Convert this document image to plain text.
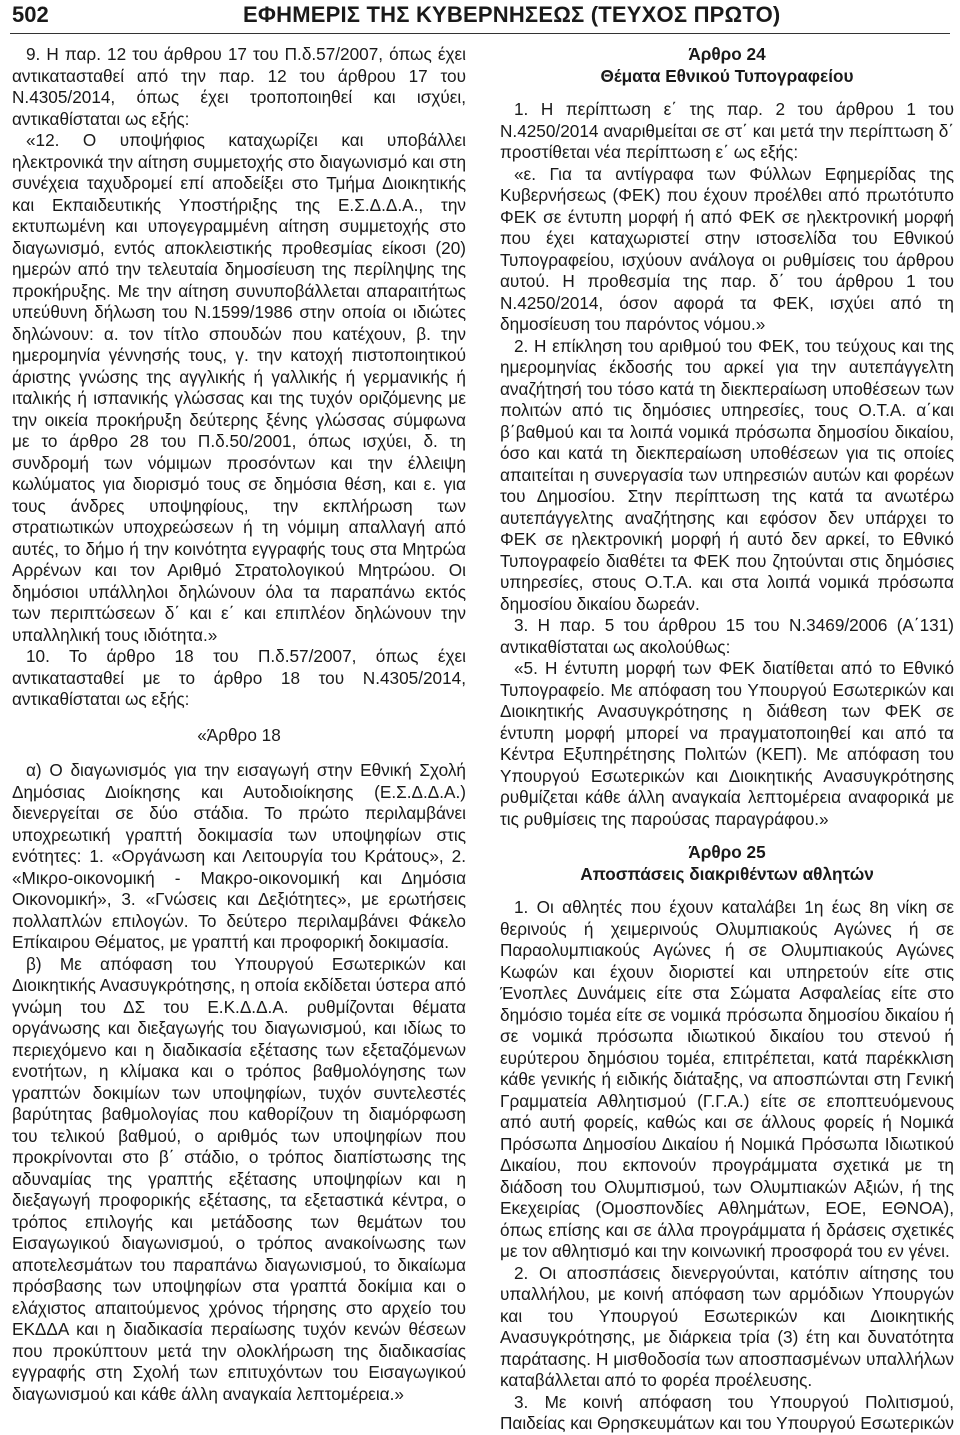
502	ΕΦΗΜΕΡΙΣ ΤΗΣ ΚΥΒΕΡΝΗΣΕΩΣ (ΤΕΥΧΟΣ ΠΡΩΤΟ)

9. Η παρ. 12 του άρθρου 17 του Π.δ.57/2007, όπως έχει αντικατασταθεί από την παρ. 12 του άρθρου 17 του Ν.4305/2014, όπως έχει τροποποιηθεί και ισχύει, αντικαθίσταται ως εξής:

«12. Ο υποψήφιος καταχωρίζει και υποβάλλει ηλεκτρονικά την αίτηση συμμετοχής στο διαγωνισμό και στη συνέχεια ταχυδρομεί επί αποδείξει στο Τμήμα Διοικητικής και Εκπαιδευτικής Υποστήριξης της Ε.Σ.Δ.Δ.Α., την εκτυπωμένη και υπογεγραμμένη αίτηση συμμετοχής στο διαγωνισμό, εντός αποκλειστικής προθεσμίας είκοσι (20) ημερών από την τελευταία δημοσίευση της περίληψης της προκήρυξης. Με την αίτηση συνυποβάλλεται απαραιτήτως υπεύθυνη δήλωση του Ν.1599/1986 στην οποία οι ιδιώτες δηλώνουν: α. τον τίτλο σπουδών που κατέχουν, β. την ημερομηνία γέννησής τους, γ. την κατοχή πιστοποιητικού άριστης γνώσης της αγγλικής ή γαλλικής ή γερμανικής ή ιταλικής ή ισπανικής γλώσσας και της τυχόν οριζόμενης με την οικεία προκήρυξη δεύτερης ξένης γλώσσας σύμφωνα με το άρθρο 28 του Π.δ.50/2001, όπως ισχύει, δ. τη συνδρομή των νόμιμων προσόντων και την έλλειψη κωλύματος για διορισμό τους σε δημόσια θέση, και ε. για τους άνδρες υποψηφίους, την εκπλήρωση των στρατιωτικών υποχρεώσεων ή τη νόμιμη απαλλαγή από αυτές, το δήμο ή την κοινότητα εγγραφής τους στα Μητρώα Αρρένων και τον Αριθμό Στρατολογικού Μητρώου. Οι δημόσιοι υπάλληλοι δηλώνουν όλα τα παραπάνω εκτός των περιπτώσεων δ΄ και ε΄ και επιπλέον δηλώνουν την υπαλληλική τους ιδιότητα.»

10. Το άρθρο 18 του Π.δ.57/2007, όπως έχει αντικατασταθεί με το άρθρο 18 του Ν.4305/2014, αντικαθίσταται ως εξής:

«Άρθρο 18

α) Ο διαγωνισμός για την εισαγωγή στην Εθνική Σχολή Δημόσιας Διοίκησης και Αυτοδιοίκησης (Ε.Σ.Δ.Δ.Α.) διενεργείται σε δύο στάδια. Το πρώτο περιλαμβάνει υποχρεωτική γραπτή δοκιμασία των υποψηφίων στις ενότητες: 1. «Οργάνωση και Λειτουργία του Κράτους», 2. «Μικρο-οικονομική - Μακρο-οικονομική και Δημόσια Οικονομική», 3. «Γνώσεις και Δεξιότητες», με ερωτήσεις πολλαπλών επιλογών. Το δεύτερο περιλαμβάνει Φάκελο Επίκαιρου Θέματος, με γραπτή και προφορική δοκιμασία.

β) Με απόφαση του Υπουργού Εσωτερικών και Διοικητικής Ανασυγκρότησης, η οποία εκδίδεται ύστερα από γνώμη του ΔΣ του Ε.Κ.Δ.Δ.Α. ρυθμίζονται θέματα οργάνωσης και διεξαγωγής του διαγωνισμού, και ιδίως το περιεχόμενο και η διαδικασία εξέτασης των εξεταζόμενων ενοτήτων, η κλίμακα και ο τρόπος βαθμολόγησης των γραπτών δοκιμίων των υποψηφίων, τυχόν συντελεστές βαρύτητας βαθμολογίας που καθορίζουν τη διαμόρφωση του τελικού βαθμού, ο αριθμός των υποψηφίων που προκρίνονται στο β΄ στάδιο, ο τρόπος διαπίστωσης της αδυναμίας της γραπτής εξέτασης υποψηφίων και η διεξαγωγή προφορικής εξέτασης, τα εξεταστικά κέντρα, ο τρόπος επιλογής και μετάδοσης των θεμάτων του Εισαγωγικού διαγωνισμού, ο τρόπος ανακοίνωσης των αποτελεσμάτων του παραπάνω διαγωνισμού, το δικαίωμα πρόσβασης των υποψηφίων στα γραπτά δοκίμια και ο ελάχιστος απαιτούμενος χρόνος τήρησης στο αρχείο του ΕΚΔΔΑ και η διαδικασία περαίωσης τυχόν κενών θέσεων που προκύπτουν μετά την ολοκλήρωση της διαδικασίας εγγραφής στη Σχολή των επιτυχόντων του Εισαγωγικού διαγωνισμού και κάθε άλλη αναγκαία λεπτομέρεια.»

Άρθρο 24

Θέματα Εθνικού Τυπογραφείου

1. Η περίπτωση ε΄ της παρ. 2 του άρθρου 1 του Ν.4250/2014 αναριθμείται σε στ΄ και μετά την περίπτωση δ΄ προστίθεται νέα περίπτωση ε΄ ως εξής:

«ε. Για τα αντίγραφα των Φύλλων Εφημερίδας της Κυβερνήσεως (ΦΕΚ) που έχουν προέλθει από πρωτότυπο ΦΕΚ σε έντυπη μορφή ή από ΦΕΚ σε ηλεκτρονική μορφή που έχει καταχωριστεί στην ιστοσελίδα του Εθνικού Τυπογραφείου, ισχύουν ανάλογα οι ρυθμίσεις του άρθρου αυτού. Η προθεσμία της παρ. δ΄ του άρθρου 1 του Ν.4250/2014, όσον αφορά τα ΦΕΚ, ισχύει από τη δημοσίευση του παρόντος νόμου.»

2. Η επίκληση του αριθμού του ΦΕΚ, του τεύχους και της ημερομηνίας έκδοσής του αρκεί για την αυτεπάγγελτη αναζήτησή του τόσο κατά τη διεκπεραίωση υποθέσεων των πολιτών από τις δημόσιες υπηρεσίες, τους Ο.Τ.Α. α΄και β΄βαθμού και τα λοιπά νομικά πρόσωπα δημοσίου δικαίου, όσο και κατά τη διεκπεραίωση υποθέσεων για τις οποίες απαιτείται η συνεργασία των υπηρεσιών αυτών και φορέων του Δημοσίου. Στην περίπτωση της κατά τα ανωτέρω αυτεπάγγελτης αναζήτησης και εφόσον δεν υπάρχει το ΦΕΚ σε ηλεκτρονική μορφή ή αυτό δεν αρκεί, το Εθνικό Τυπογραφείο διαθέτει τα ΦΕΚ που ζητούνται στις δημόσιες υπηρεσίες, στους Ο.Τ.Α. και στα λοιπά νομικά πρόσωπα δημοσίου δικαίου δωρεάν.

3. Η παρ. 5 του άρθρου 15 του Ν.3469/2006 (Α΄131) αντικαθίσταται ως ακολούθως:

«5. Η έντυπη μορφή των ΦΕΚ διατίθεται από το Εθνικό Τυπογραφείο. Με απόφαση του Υπουργού Εσωτερικών και Διοικητικής Ανασυγκρότησης η διάθεση των ΦΕΚ σε έντυπη μορφή μπορεί να πραγματοποιηθεί και από τα Κέντρα Εξυπηρέτησης Πολιτών (ΚΕΠ). Με απόφαση του Υπουργού Εσωτερικών και Διοικητικής Ανασυγκρότησης ρυθμίζεται κάθε άλλη αναγκαία λεπτομέρεια αναφορικά με τις ρυθμίσεις της παρούσας παραγράφου.»

Άρθρο 25

Αποσπάσεις διακριθέντων αθλητών

1. Οι αθλητές που έχουν καταλάβει 1η έως 8η νίκη σε θερινούς ή χειμερινούς Ολυμπιακούς Αγώνες ή σε Παραολυμπιακούς Αγώνες ή σε Ολυμπιακούς Αγώνες Κωφών και έχουν διοριστεί και υπηρετούν είτε στις Ένοπλες Δυνάμεις είτε στα Σώματα Ασφαλείας είτε στο δημόσιο τομέα είτε σε νομικά πρόσωπα δημοσίου δικαίου ή σε νομικά πρόσωπα ιδιωτικού δικαίου του στενού ή ευρύτερου δημόσιου τομέα, επιτρέπεται, κατά παρέκκλιση κάθε γενικής ή ειδικής διάταξης, να αποσπώνται στη Γενική Γραμματεία Αθλητισμού (Γ.Γ.Α.) είτε σε εποπτευόμενους από αυτή φορείς, καθώς και σε άλλους φορείς ή Νομικά Πρόσωπα Δημοσίου Δικαίου ή Νομικά Πρόσωπα Ιδιωτικού Δικαίου, που εκπονούν προγράμματα σχετικά με τη διάδοση του Ολυμπισμού, των Ολυμπιακών Αξιών, ή της Εκεχειρίας (Ομοσπονδίες Αθλημάτων, ΕΟΕ, ΕΘΝΟΑ), όπως επίσης και σε άλλα προγράμματα ή δράσεις σχετικές με τον αθλητισμό και την κοινωνική προσφορά του εν γένει.

2. Οι αποσπάσεις διενεργούνται, κατόπιν αίτησης του υπαλλήλου, με κοινή απόφαση των αρμόδιων Υπουργών και του Υπουργού Εσωτερικών και Διοικητικής Ανασυγκρότησης, με διάρκεια τρία (3) έτη και δυνατότητα παράτασης. Η μισθοδοσία των αποσπασμένων υπαλλήλων καταβάλλεται από το φορέα προέλευσης.

3. Με κοινή απόφαση του Υπουργού Πολιτισμού, Παιδείας και Θρησκευμάτων και του Υπουργού Εσωτερικών
